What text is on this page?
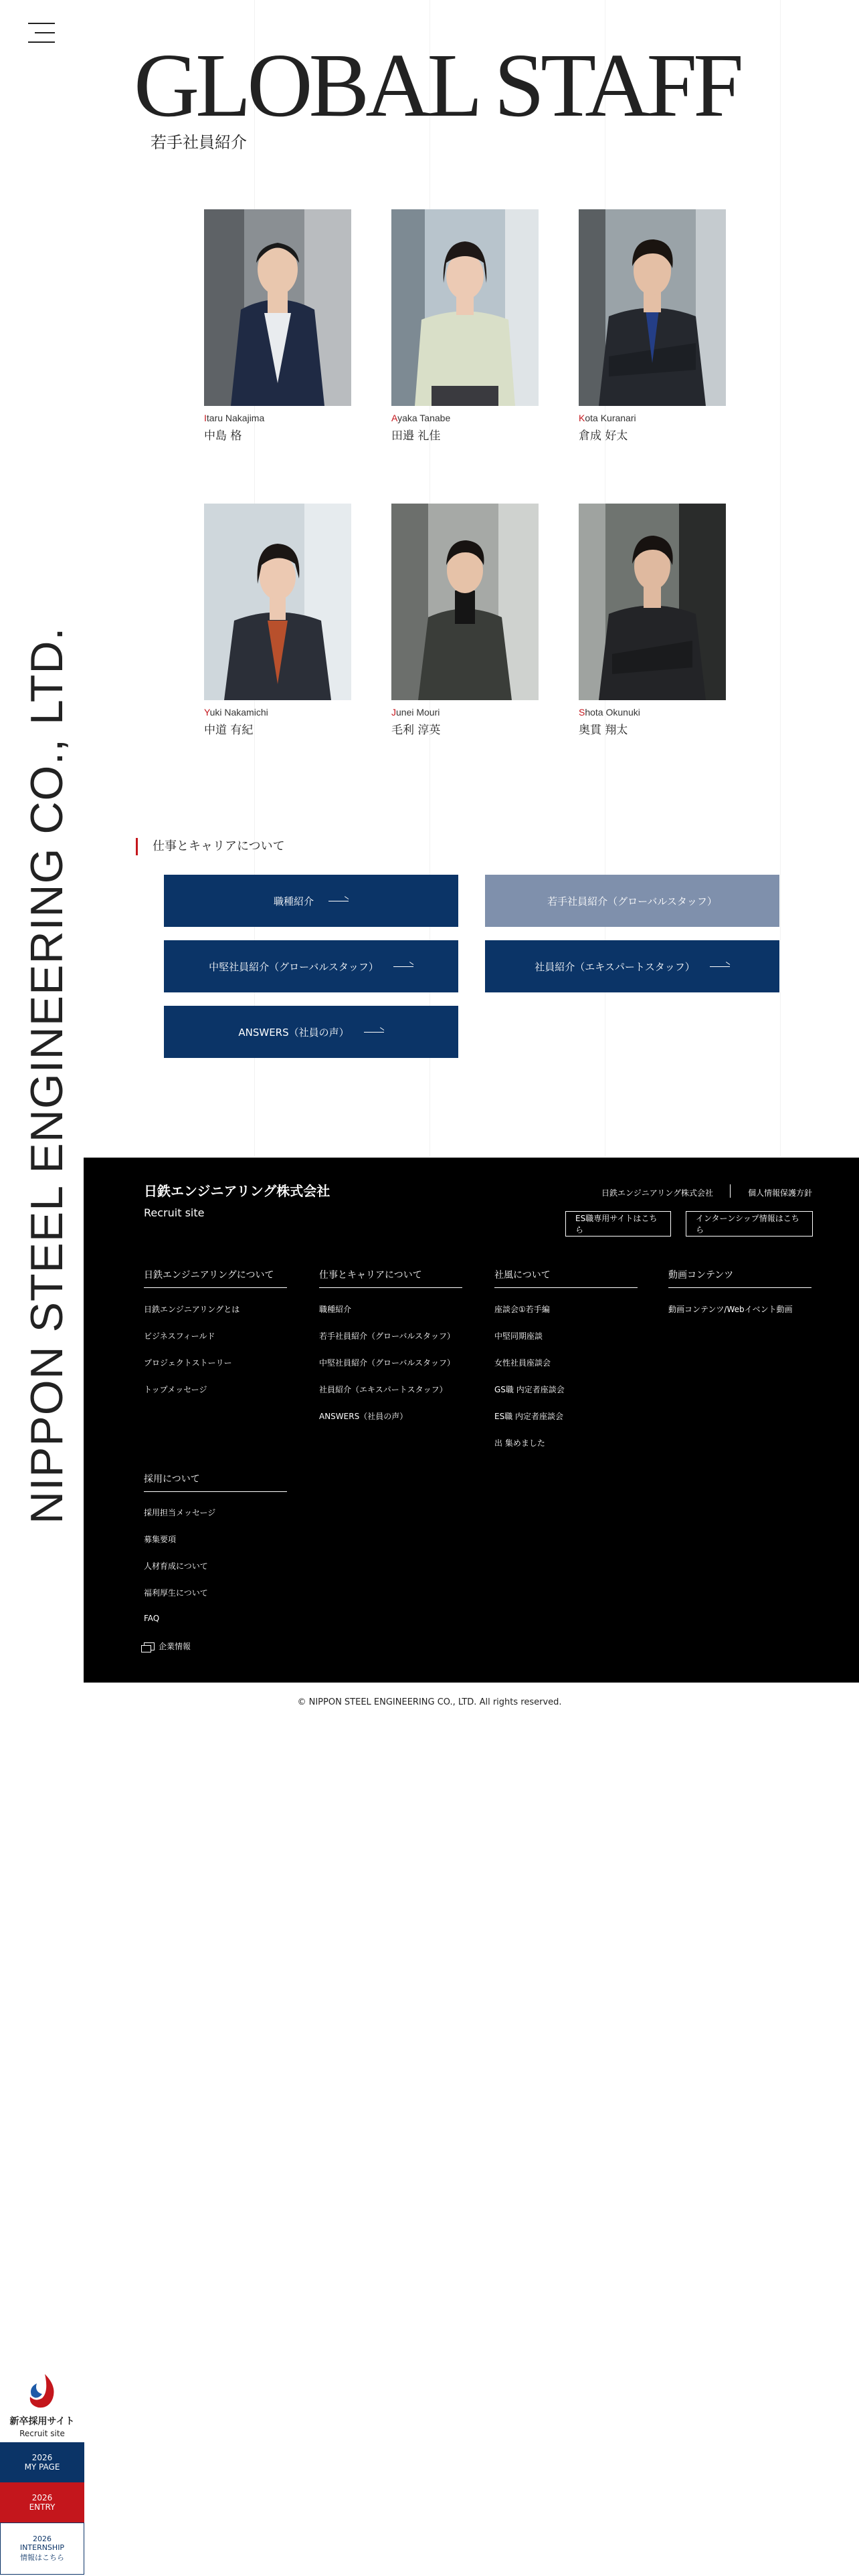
GLOBAL STAFF
若手社員紹介
NIPPON STEEL ENGINEERING CO., LTD.
Itaru Nakajima
中島 格
Ayaka Tanabe
田邉 礼佳
Kota Kuranari
倉成 好太
Yuki Nakamichi
中道 有紀
Junei Mouri
毛利 淳英
Shota Okunuki
奥貫 翔太
仕事とキャリアについて
職種紹介	若手社員紹介（グローバルスタッフ）
中堅社員紹介（グローバルスタッフ）	社員紹介（エキスパートスタッフ）
ANSWERS（社員の声）
日鉄エンジニアリング株式会社
Recruit site
日鉄エンジニアリング株式会社	個人情報保護方針
ES職専用サイトはこちら
インターンシップ情報はこちら
日鉄エンジニアリングについて
日鉄エンジニアリングとは
ビジネスフィールド
プロジェクトストーリー
トップメッセージ
仕事とキャリアについて
職種紹介
若手社員紹介（グローバルスタッフ）
中堅社員紹介（グローバルスタッフ）
社員紹介（エキスパートスタッフ）
ANSWERS（社員の声）
社風について
座談会①若手編
中堅同期座談
女性社員座談会
GS職 内定者座談会
ES職 内定者座談会
出 集めました
動画コンテンツ
動画コンテンツ/Webイベント動画
採用について
採用担当メッセージ
募集要項
人材育成について
福利厚生について
FAQ
企業情報
© NIPPON STEEL ENGINEERING CO., LTD. All rights reserved.
新卒採用サイト
Recruit site
2026
MY PAGE
2026
ENTRY
2026
INTERNSHIP
情報はこちら
